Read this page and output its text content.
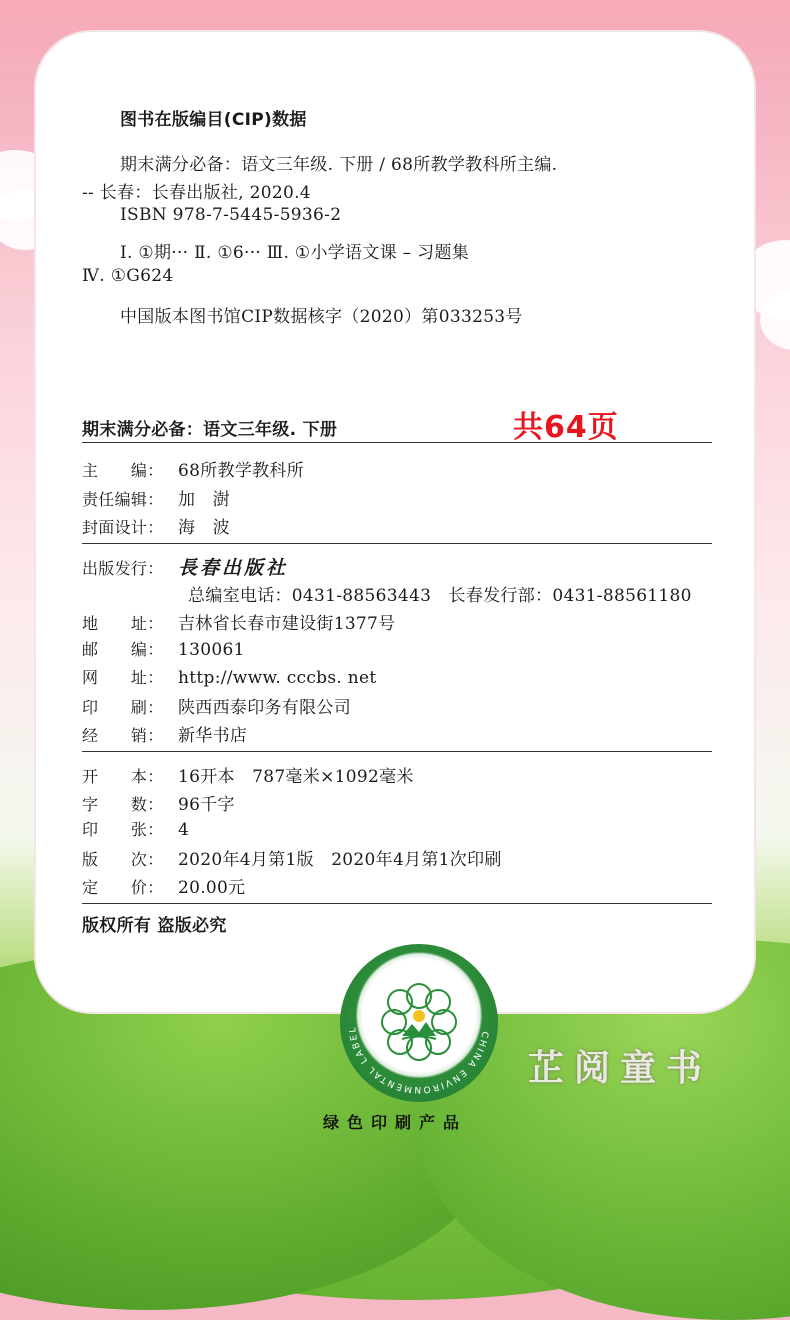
图书在版编目(CIP)数据
期末满分必备：语文三年级. 下册 / 68所教学教科所主编.
-- 长春：长春出版社, 2020.4
ISBN 978-7-5445-5936-2
Ⅰ. ①期··· Ⅱ. ①6··· Ⅲ. ①小学语文课 – 习题集
Ⅳ. ①G624
中国版本图书馆CIP数据核字（2020）第033253号
期末满分必备：语文三年级. 下册	共64页
主　　编： 68所教学教科所
责任编辑： 加　澍
封面设计： 海　波
出版发行： 長春出版社
总编室电话：0431-88563443　长春发行部：0431-88561180
地　　址： 吉林省长春市建设街1377号
邮　　编： 130061
网　　址： http://www. cccbs. net
印　　刷： 陕西西泰印务有限公司
经　　销： 新华书店
开　　本： 16开本　787毫米×1092毫米
字　　数： 96千字
印　　张： 4
版　　次： 2020年4月第1版　2020年4月第1次印刷
定　　价： 20.00元
版权所有 盗版必究
CHINA ENVIRONMENTAL LABEL
中国环境标志
芷阅童书
绿色印刷产品
